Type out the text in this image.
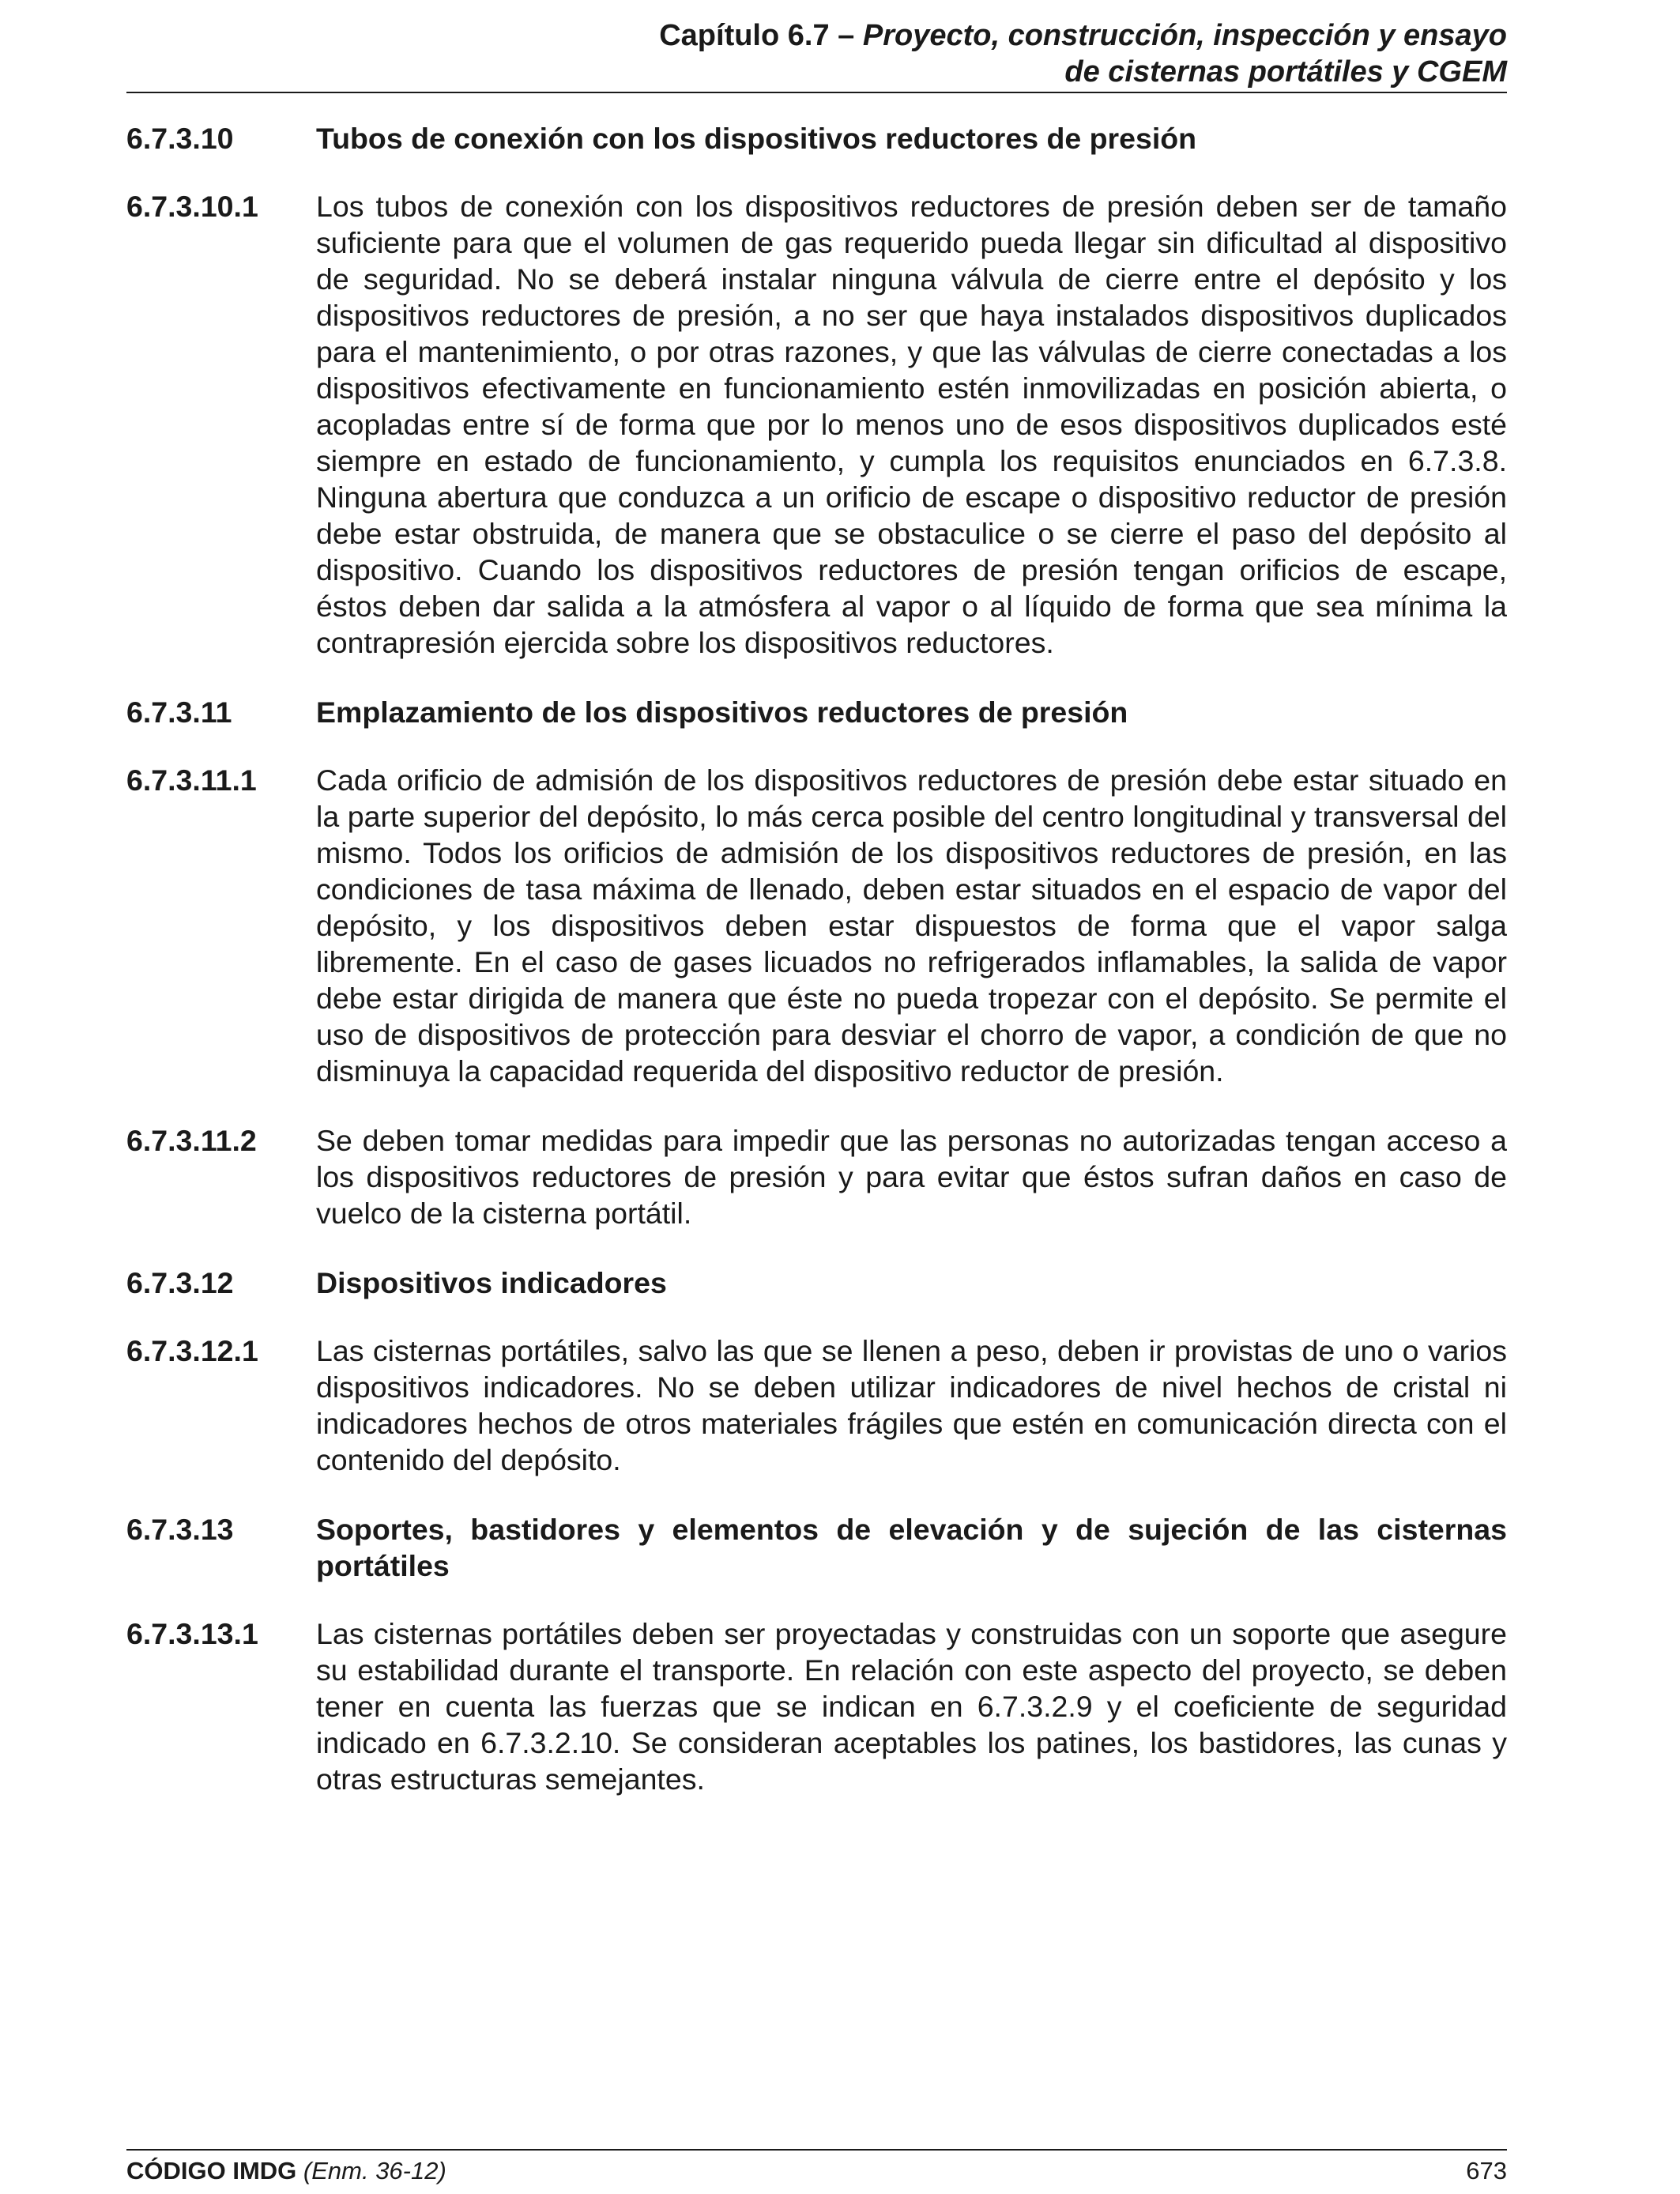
Capítulo 6.7 – Proyecto, construcción, inspección y ensayo
de cisternas portátiles y CGEM
6.7.3.10	Tubos de conexión con los dispositivos reductores de presión
6.7.3.10.1	Los tubos de conexión con los dispositivos reductores de presión deben ser de tamaño suficiente para que el volumen de gas requerido pueda llegar sin dificultad al dispositivo de seguridad. No se deberá instalar ninguna válvula de cierre entre el depósito y los dispositivos reductores de presión, a no ser que haya instalados dispositivos duplicados para el mantenimiento, o por otras razones, y que las válvulas de cierre conectadas a los dispositivos efectivamente en funcionamiento estén inmovilizadas en posición abierta, o acopladas entre sí de forma que por lo menos uno de esos dispositivos duplicados esté siempre en estado de funcionamiento, y cumpla los requisitos enunciados en 6.7.3.8. Ninguna abertura que conduzca a un orificio de escape o dispositivo reductor de presión debe estar obstruida, de manera que se obstaculice o se cierre el paso del depósito al dispositivo. Cuando los dispositivos reductores de presión tengan orificios de escape, éstos deben dar salida a la atmósfera al vapor o al líquido de forma que sea mínima la contrapresión ejercida sobre los dispositivos reductores.
6.7.3.11	Emplazamiento de los dispositivos reductores de presión
6.7.3.11.1	Cada orificio de admisión de los dispositivos reductores de presión debe estar situado en la parte superior del depósito, lo más cerca posible del centro longitudinal y transversal del mismo. Todos los orificios de admisión de los dispositivos reductores de presión, en las condiciones de tasa máxima de llenado, deben estar situados en el espacio de vapor del depósito, y los dispositivos deben estar dispuestos de forma que el vapor salga libremente. En el caso de gases licuados no refrigerados inflamables, la salida de vapor debe estar dirigida de manera que éste no pueda tropezar con el depósito. Se permite el uso de dispositivos de protección para desviar el chorro de vapor, a condición de que no disminuya la capacidad requerida del dispositivo reductor de presión.
6.7.3.11.2	Se deben tomar medidas para impedir que las personas no autorizadas tengan acceso a los dispositivos reductores de presión y para evitar que éstos sufran daños en caso de vuelco de la cisterna portátil.
6.7.3.12	Dispositivos indicadores
6.7.3.12.1	Las cisternas portátiles, salvo las que se llenen a peso, deben ir provistas de uno o varios dispositivos indicadores. No se deben utilizar indicadores de nivel hechos de cristal ni indicadores hechos de otros materiales frágiles que estén en comunicación directa con el contenido del depósito.
6.7.3.13	Soportes, bastidores y elementos de elevación y de sujeción de las cisternas portátiles
6.7.3.13.1	Las cisternas portátiles deben ser proyectadas y construidas con un soporte que asegure su estabilidad durante el transporte. En relación con este aspecto del proyecto, se deben tener en cuenta las fuerzas que se indican en 6.7.3.2.9 y el coeficiente de seguridad indicado en 6.7.3.2.10. Se consideran aceptables los patines, los bastidores, las cunas y otras estructuras semejantes.
CÓDIGO IMDG (Enm. 36-12)	673
